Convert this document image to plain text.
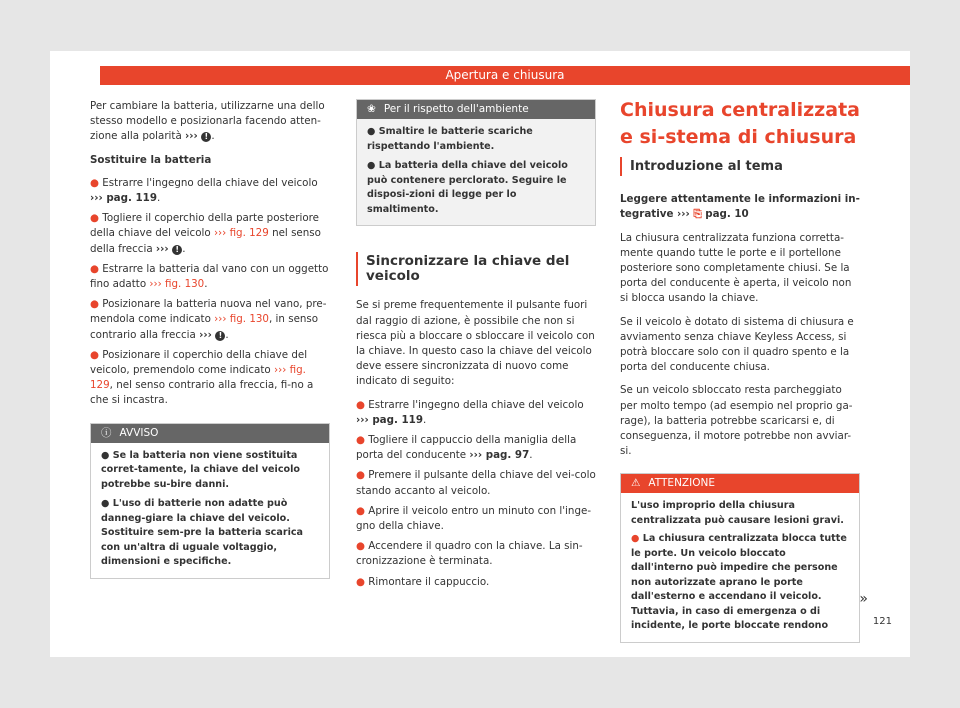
Apertura e chiusura

Per cambiare la batteria, utilizzarne una dello stesso modello e posizionarla facendo atten-zione alla polarità ››› ! .

Sostituire la batteria

● Estrarre l'ingegno della chiave del veicolo ››› pag. 119.

● Togliere il coperchio della parte posteriore della chiave del veicolo ››› fig. 129 nel senso della freccia ››› ! .

● Estrarre la batteria dal vano con un oggetto fino adatto ››› fig. 130.

● Posizionare la batteria nuova nel vano, pre-mendola come indicato ››› fig. 130, in senso contrario alla freccia ››› ! .

● Posizionare il coperchio della chiave del veicolo, premendolo come indicato ››› fig. 129, nel senso contrario alla freccia, fi-no a che si incastra.

ⓘ AVVISO

● Se la batteria non viene sostituita corret-tamente, la chiave del veicolo potrebbe su-bire danni.

● L'uso di batterie non adatte può danneg-giare la chiave del veicolo. Sostituire sem-pre la batteria scarica con un'altra di uguale voltaggio, dimensioni e specifiche.

❀ Per il rispetto dell'ambiente

● Smaltire le batterie scariche rispettando l'ambiente.

● La batteria della chiave del veicolo può contenere perclorato. Seguire le disposi-zioni di legge per lo smaltimento.

Sincronizzare la chiave del veicolo

Se si preme frequentemente il pulsante fuori dal raggio di azione, è possibile che non si riesca più a bloccare o sbloccare il veicolo con la chiave. In questo caso la chiave del veicolo deve essere sincronizzata di nuovo come indicato di seguito:

● Estrarre l'ingegno della chiave del veicolo ››› pag. 119.

● Togliere il cappuccio della maniglia della porta del conducente ››› pag. 97.

● Premere il pulsante della chiave del vei-colo stando accanto al veicolo.

● Aprire il veicolo entro un minuto con l'inge-gno della chiave.

● Accendere il quadro con la chiave. La sin-cronizzazione è terminata.

● Rimontare il cappuccio.

Chiusura centralizzata e si-stema di chiusura
Introduzione al tema

Leggere attentamente le informazioni in-tegrative ››› ⎘ pag. 10

La chiusura centralizzata funziona corretta-mente quando tutte le porte e il portellone posteriore sono completamente chiusi. Se la porta del conducente è aperta, il veicolo non si blocca usando la chiave.

Se il veicolo è dotato di sistema di chiusura e avviamento senza chiave Keyless Access, si potrà bloccare solo con il quadro spento e la porta del conducente chiusa.

Se un veicolo sbloccato resta parcheggiato per molto tempo (ad esempio nel proprio ga-rage), la batteria potrebbe scaricarsi e, di conseguenza, il motore potrebbe non avviar-si.

⚠ ATTENZIONE

L'uso improprio della chiusura centralizzata può causare lesioni gravi.

● La chiusura centralizzata blocca tutte le porte. Un veicolo bloccato dall'interno può impedire che persone non autorizzate aprano le porte dall'esterno e accendano il veicolo. Tuttavia, in caso di emergenza o di incidente, le porte bloccate rendono

»
121
